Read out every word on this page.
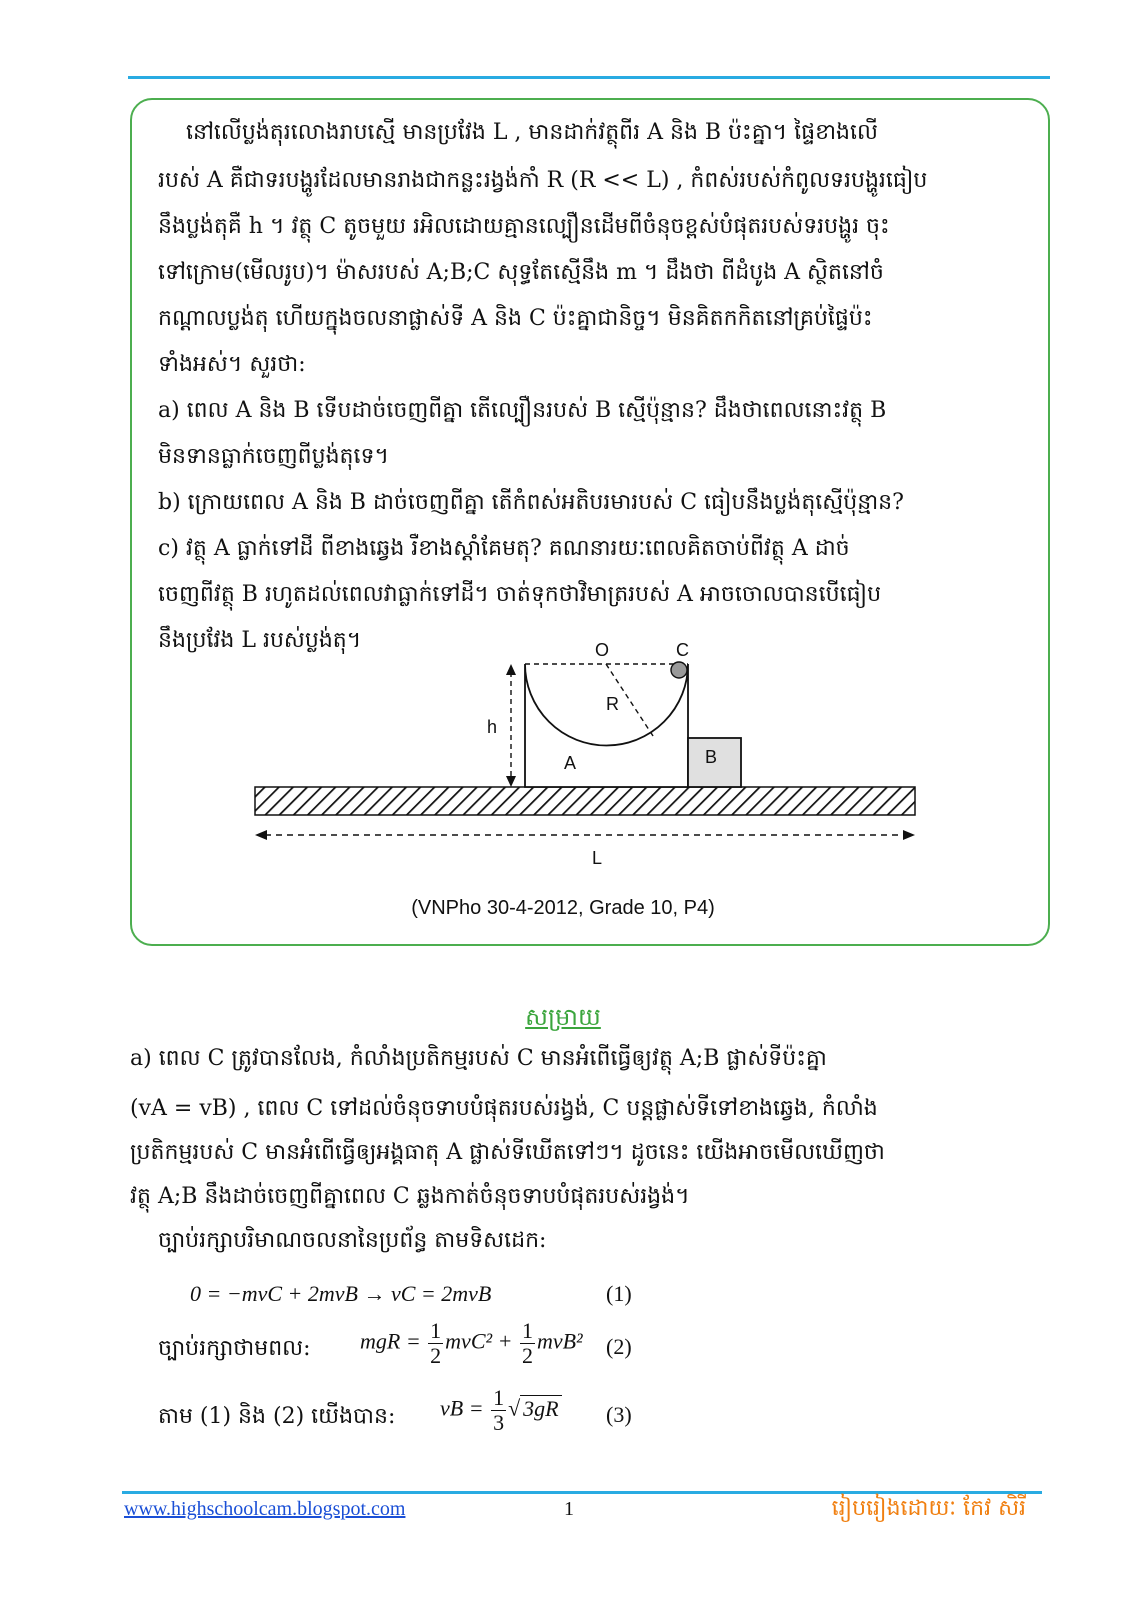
នៅលើប្លង់តុរលោងរាបស្មើ មានប្រវែង L , មានដាក់វត្ថុពីរ A និង B ប៉ះគ្នា។ ផ្ទៃខាងលើ
របស់ A គឺជាទរបង្ហូរដែលមានរាងជាកន្លះរង្វង់កាំ R (R << L) , កំពស់របស់កំពូលទរបង្ហូរធៀប
នឹងប្លង់តុគឺ h ។ វត្ថុ C តូចមួយ រអិលដោយគ្មានល្បឿនដើមពីចំនុចខ្ពស់បំផុតរបស់ទរបង្ហូរ ចុះ
ទៅក្រោម(មើលរូប)។ ម៉ាសរបស់ A;B;C សុទ្ធតែស្មើនឹង m ។ ដឹងថា ពីដំបូង A ស្ថិតនៅចំ
កណ្តាលប្លង់តុ ហើយក្នុងចលនាផ្លាស់ទី A និង C ប៉ះគ្នាជានិច្ច។ មិនគិតកកិតនៅគ្រប់ផ្ទៃប៉ះ
ទាំងអស់។ សួរថា:
a) ពេល A និង B ទើបដាច់ចេញពីគ្នា តើល្បឿនរបស់ B ស្មើប៉ុន្មាន? ដឹងថាពេលនោះវត្ថុ B
មិនទានធ្លាក់ចេញពីប្លង់តុទេ។
b) ក្រោយពេល A និង B ដាច់ចេញពីគ្នា តើកំពស់អតិបរមារបស់ C ធៀបនឹងប្លង់តុស្មើប៉ុន្មាន?
c) វត្ថុ A ធ្លាក់ទៅដី ពីខាងឆ្វេង រឺខាងស្តាំគែមតុ? គណនារយៈពេលគិតចាប់ពីវត្ថុ A ដាច់
ចេញពីវត្ថុ B រហូតដល់ពេលវាធ្លាក់ទៅដី។ ចាត់ទុកថាវិមាត្ររបស់ A អាចចោលបានបើធៀប
នឹងប្រវែង L របស់ប្លង់តុ។	O	C
R
h
A	B
L
(VNPho 30-4-2012, Grade 10, P4)
សម្រាយ
a) ពេល C ត្រូវបានលែង, កំលាំងប្រតិកម្មរបស់ C មានអំពើធ្វើឲ្យវត្ថុ A;B ផ្លាស់ទីប៉ះគ្នា
(vA = vB) , ពេល C ទៅដល់ចំនុចទាបបំផុតរបស់រង្វង់, C បន្តផ្លាស់ទីទៅខាងឆ្វេង, កំលាំង
ប្រតិកម្មរបស់ C មានអំពើធ្វើឲ្យអង្គធាតុ A ផ្លាស់ទីឃើតទៅៗ។ ដូចនេះ យើងអាចមើលឃើញថា
វត្ថុ A;B នឹងដាច់ចេញពីគ្នាពេល C ឆ្លងកាត់ចំនុចទាបបំផុតរបស់រង្វង់។
ច្បាប់រក្សាបរិមាណចលនានៃប្រព័ន្ធ តាមទិសដេក:
0 = −mvC + 2mvB → vC = 2mvB	(1)
ច្បាប់រក្សាថាមពល: mgR = $\frac{1}{2} mvC^2 + \frac{1}{2} mvB^2$ (2)
តាម (1) និង (2) យើងបាន: vB = $\frac{1}{3}$ √ 3gR (3)
www.highschoolcam.blogspot.com	1	រៀបរៀងដោយៈ កែវ សិរី
